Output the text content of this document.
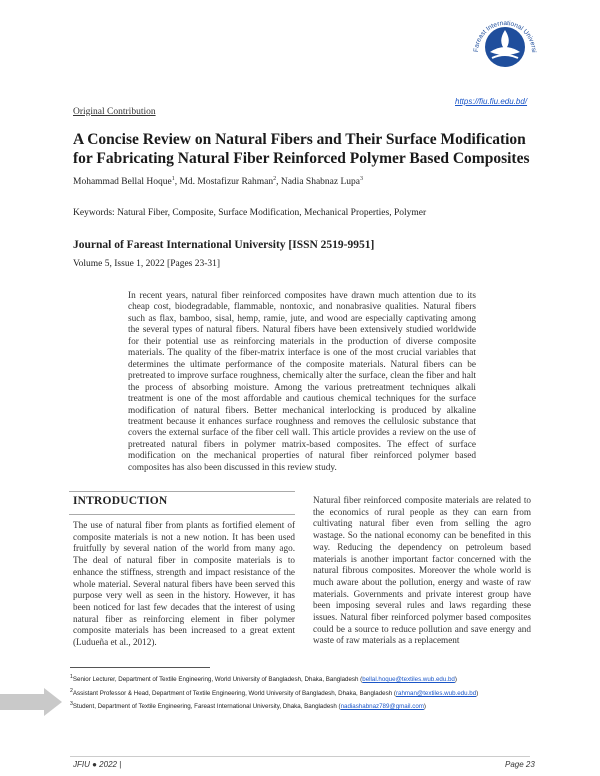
Fareast International Universi
https://fiu.fiu.edu.bd/
Original Contribution
A Concise Review on Natural Fibers and Their Surface Modification for Fabricating Natural Fiber Reinforced Polymer Based Composites
Mohammad Bellal Hoque$^1$, Md. Mostafizur Rahman$^2$, Nadia Shabnaz Lupa$^3$
Keywords: Natural Fiber, Composite, Surface Modification, Mechanical Properties, Polymer
Journal of Fareast International University [ISSN 2519-9951]
Volume 5, Issue 1, 2022 [Pages 23-31]
In recent years, natural fiber reinforced composites have drawn much attention due to its cheap cost, biodegradable, flammable, nontoxic, and nonabrasive qualities. Natural fibers such as flax, bamboo, sisal, hemp, ramie, jute, and wood are especially captivating among the several types of natural fibers. Natural fibers have been extensively studied worldwide for their potential use as reinforcing materials in the production of diverse composite materials. The quality of the fiber-matrix interface is one of the most crucial variables that determines the ultimate performance of the composite materials. Natural fibers can be pretreated to improve surface roughness, chemically alter the surface, clean the fiber and halt the process of absorbing moisture. Among the various pretreatment techniques alkali treatment is one of the most affordable and cautious chemical techniques for the surface modification of natural fibers. Better mechanical interlocking is produced by alkaline treatment because it enhances surface roughness and removes the cellulosic substance that covers the external surface of the fiber cell wall. This article provides a review on the use of pretreated natural fibers in polymer matrix-based composites. The effect of surface modification on the mechanical properties of natural fiber reinforced polymer based composites has also been discussed in this review study.
INTRODUCTION
The use of natural fiber from plants as fortified element of composite materials is not a new notion. It has been used fruitfully by several nation of the world from many ago. The deal of natural fiber in composite materials is to enhance the stiffness, strength and impact resistance of the whole material. Several natural fibers have been served this purpose very well as seen in the history. However, it has been noticed for last few decades that the interest of using natural fiber as reinforcing element in fiber polymer composite materials has been increased to a great extent (Ludueña et al., 2012).
Natural fiber reinforced composite materials are related to the economics of rural people as they can earn from cultivating natural fiber even from selling the agro wastage. So the national economy can be benefited in this way. Reducing the dependency on petroleum based materials is another important factor concerned with the natural fibrous composites. Moreover the whole world is much aware about the pollution, energy and waste of raw materials. Governments and private interest group have been imposing several rules and laws regarding these issues. Natural fiber reinforced polymer based composites could be a source to reduce pollution and save energy and waste of raw materials as a replacement
$^1$Senior Lecturer, Department of Textile Engineering, World University of Bangladesh, Dhaka, Bangladesh (bellal.hoque@textiles.wub.edu.bd)
$^2$Assistant Professor & Head, Department of Textile Engineering, World University of Bangladesh, Dhaka, Bangladesh (rahman@textiles.wub.edu.bd)
$^3$Student, Department of Textile Engineering, Fareast International University, Dhaka, Bangladesh (nadiashabnaz789@gmail.com)
JFIU ● 2022 |	Page 23
